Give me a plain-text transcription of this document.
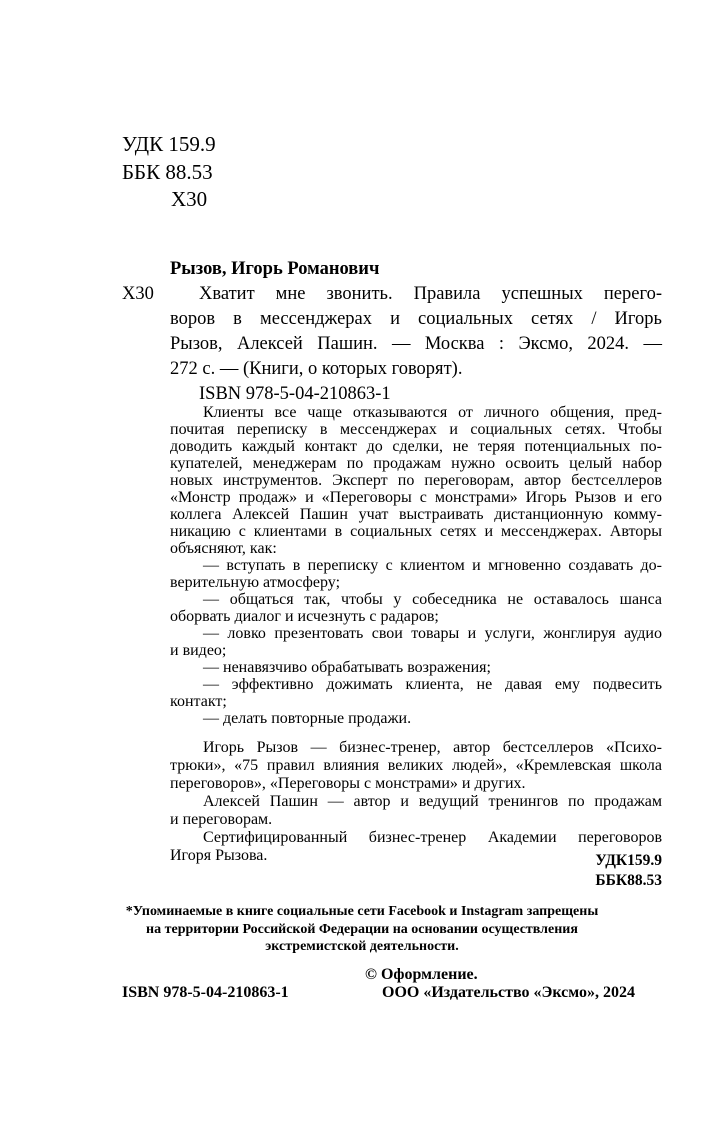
УДК 159.9
ББК 88.53
Х30
Х30
Рызов, Игорь Романович
Хватит мне звонить. Правила успешных перего-
воров в мессенджерах и социальных сетях / Игорь
Рызов, Алексей Пашин. — Москва : Эксмо, 2024. —
272 с. — (Книги, о которых говорят).
ISBN 978-5-04-210863-1
Клиенты все чаще отказываются от личного общения, пред-
почитая переписку в мессенджерах и социальных сетях. Чтобы
доводить каждый контакт до сделки, не теряя потенциальных по-
купателей, менеджерам по продажам нужно освоить целый набор
новых инструментов. Эксперт по переговорам, автор бестселлеров
«Монстр продаж» и «Переговоры с монстрами» Игорь Рызов и его
коллега Алексей Пашин учат выстраивать дистанционную комму-
никацию с клиентами в социальных сетях и мессенджерах. Авторы
объясняют, как:
— вступать в переписку с клиентом и мгновенно создавать до-
верительную атмосферу;
— общаться так, чтобы у собеседника не оставалось шанса
оборвать диалог и исчезнуть с радаров;
— ловко презентовать свои товары и услуги, жонглируя аудио
и видео;
— ненавязчиво обрабатывать возражения;
— эффективно дожимать клиента, не давая ему подвесить
контакт;
— делать повторные продажи.
Игорь Рызов — бизнес-тренер, автор бестселлеров «Психо-
трюки», «75 правил влияния великих людей», «Кремлевская школа
переговоров», «Переговоры с монстрами» и других.
Алексей Пашин — автор и ведущий тренингов по продажам
и переговорам.
Сертифицированный бизнес-тренер Академии переговоров
Игоря Рызова.	УДК159.9
ББК88.53
*Упоминаемые в книге социальные сети Facebook и Instagram запрещены
на территории Российской Федерации на основании осуществления
экстремистской деятельности.
ISBN 978-5-04-210863-1
© Оформление.
ООО «Издательство «Эксмо», 2024
